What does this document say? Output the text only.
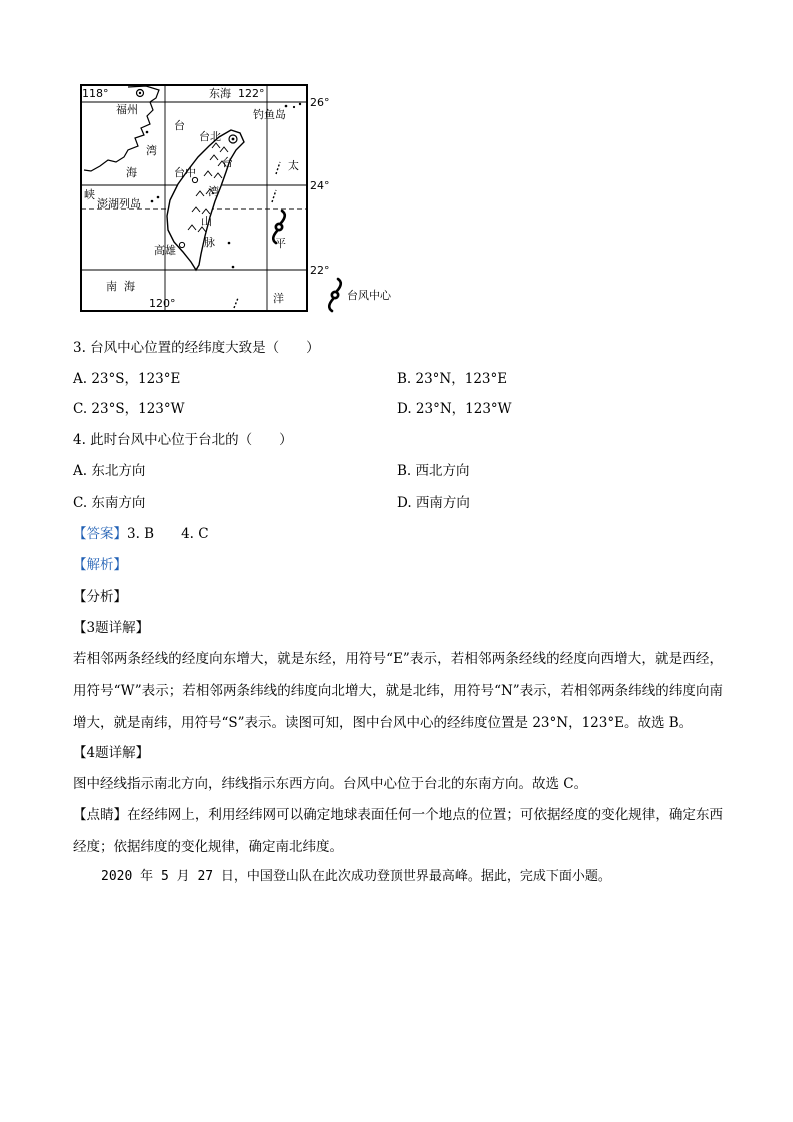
118°	122°
120°
26°
24°
22°
福州
东海
钓鱼岛
台
湾
海
峡
台北
台中
台
湾
山
脉
澎湖列岛
高雄
南 海
太
平
洋	台风中心
3. 台风中心位置的经纬度大致是（　　）
A. 23°S，123°E	B. 23°N，123°E
C. 23°S，123°W	D. 23°N，123°W
4. 此时台风中心位于台北的（　　）
A. 东北方向	B. 西北方向
C. 东南方向	D. 西南方向
【答案】3. B　　4. C
【解析】
【分析】
【3题详解】
若相邻两条经线的经度向东增大，就是东经，用符号“E”表示，若相邻两条经线的经度向西增大，就是西经，用符号“W”表示；若相邻两条纬线的纬度向北增大，就是北纬，用符号“N”表示，若相邻两条纬线的纬度向南增大，就是南纬，用符号“S”表示。读图可知，图中台风中心的经纬度位置是 23°N，123°E。故选 B。
【4题详解】
图中经线指示南北方向，纬线指示东西方向。台风中心位于台北的东南方向。故选 C。
【点睛】在经纬网上，利用经纬网可以确定地球表面任何一个地点的位置；可依据经度的变化规律，确定东西经度；依据纬度的变化规律，确定南北纬度。
2020 年 5 月 27 日，中国登山队在此次成功登顶世界最高峰。据此，完成下面小题。
